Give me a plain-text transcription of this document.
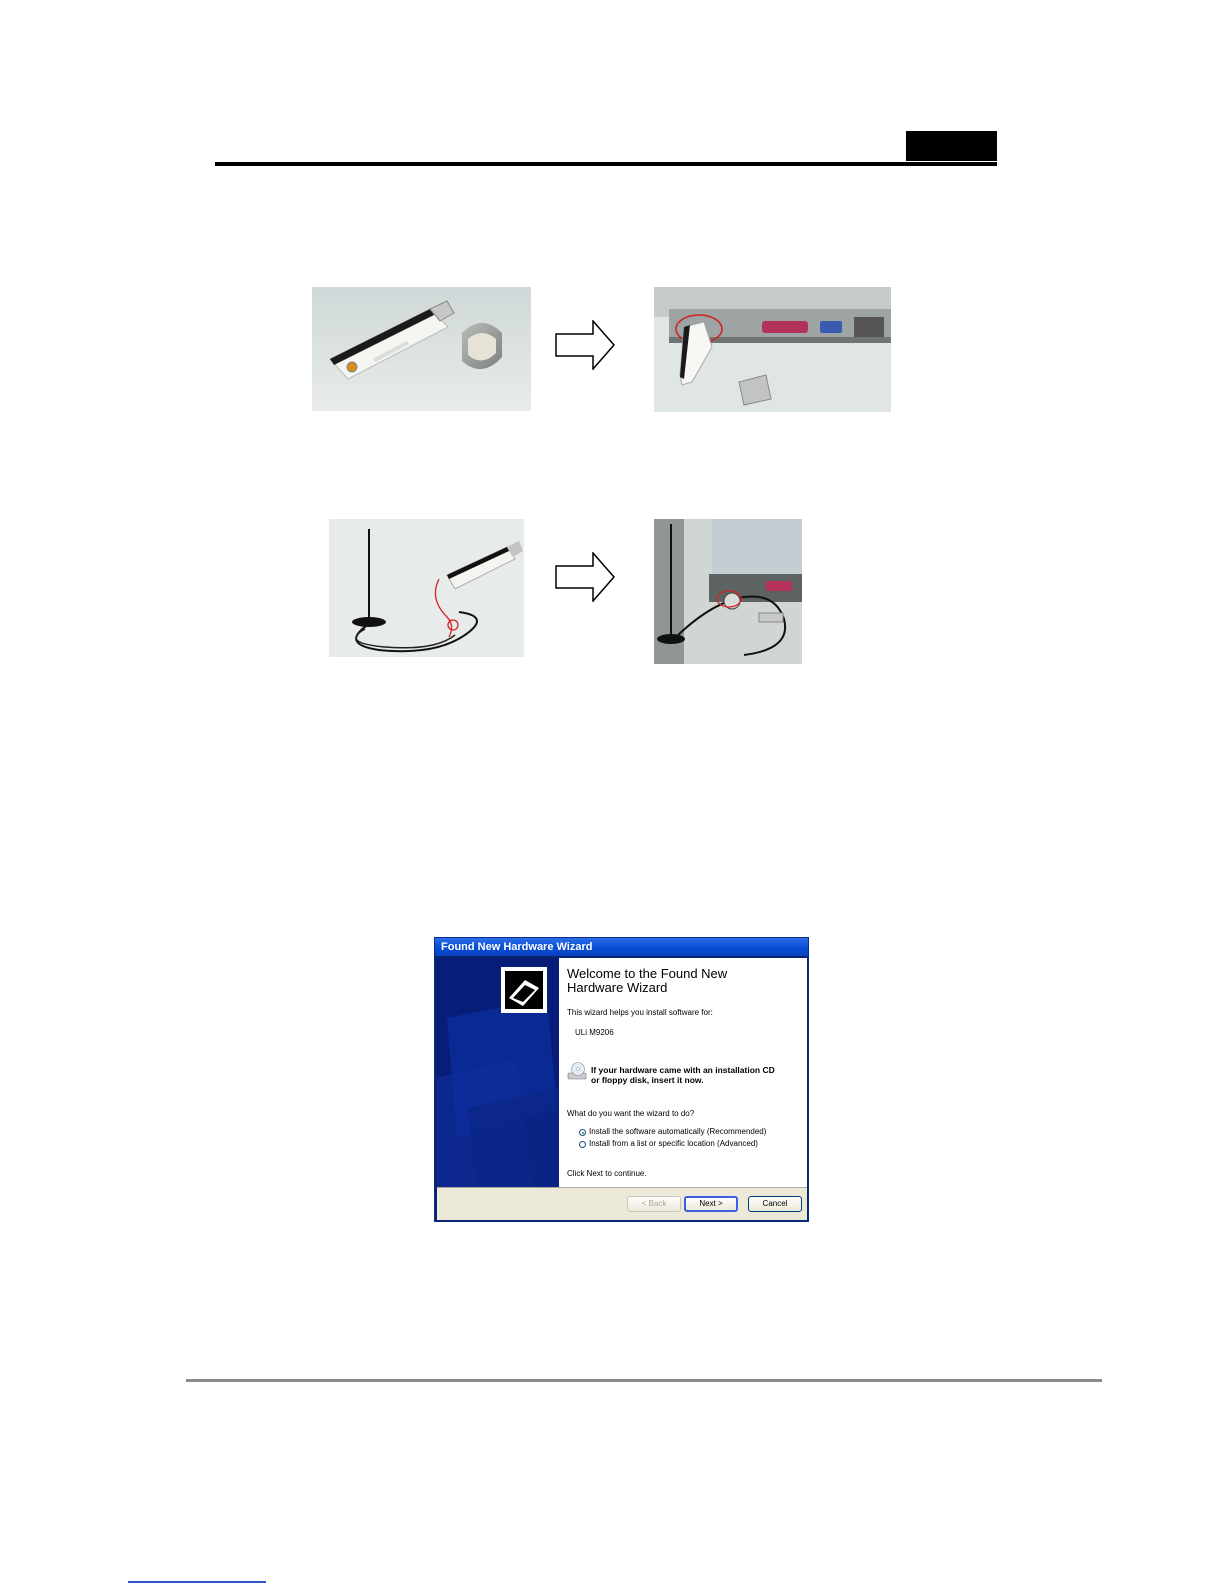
Found New Hardware Wizard
Welcome to the Found New
Hardware Wizard
This wizard helps you install software for:
ULi M9206
If your hardware came with an installation CD
or floppy disk, insert it now.
What do you want the wizard to do?
Install the software automatically (Recommended)
Install from a list or specific location (Advanced)
Click Next to continue.
< Back	Next >	Cancel
